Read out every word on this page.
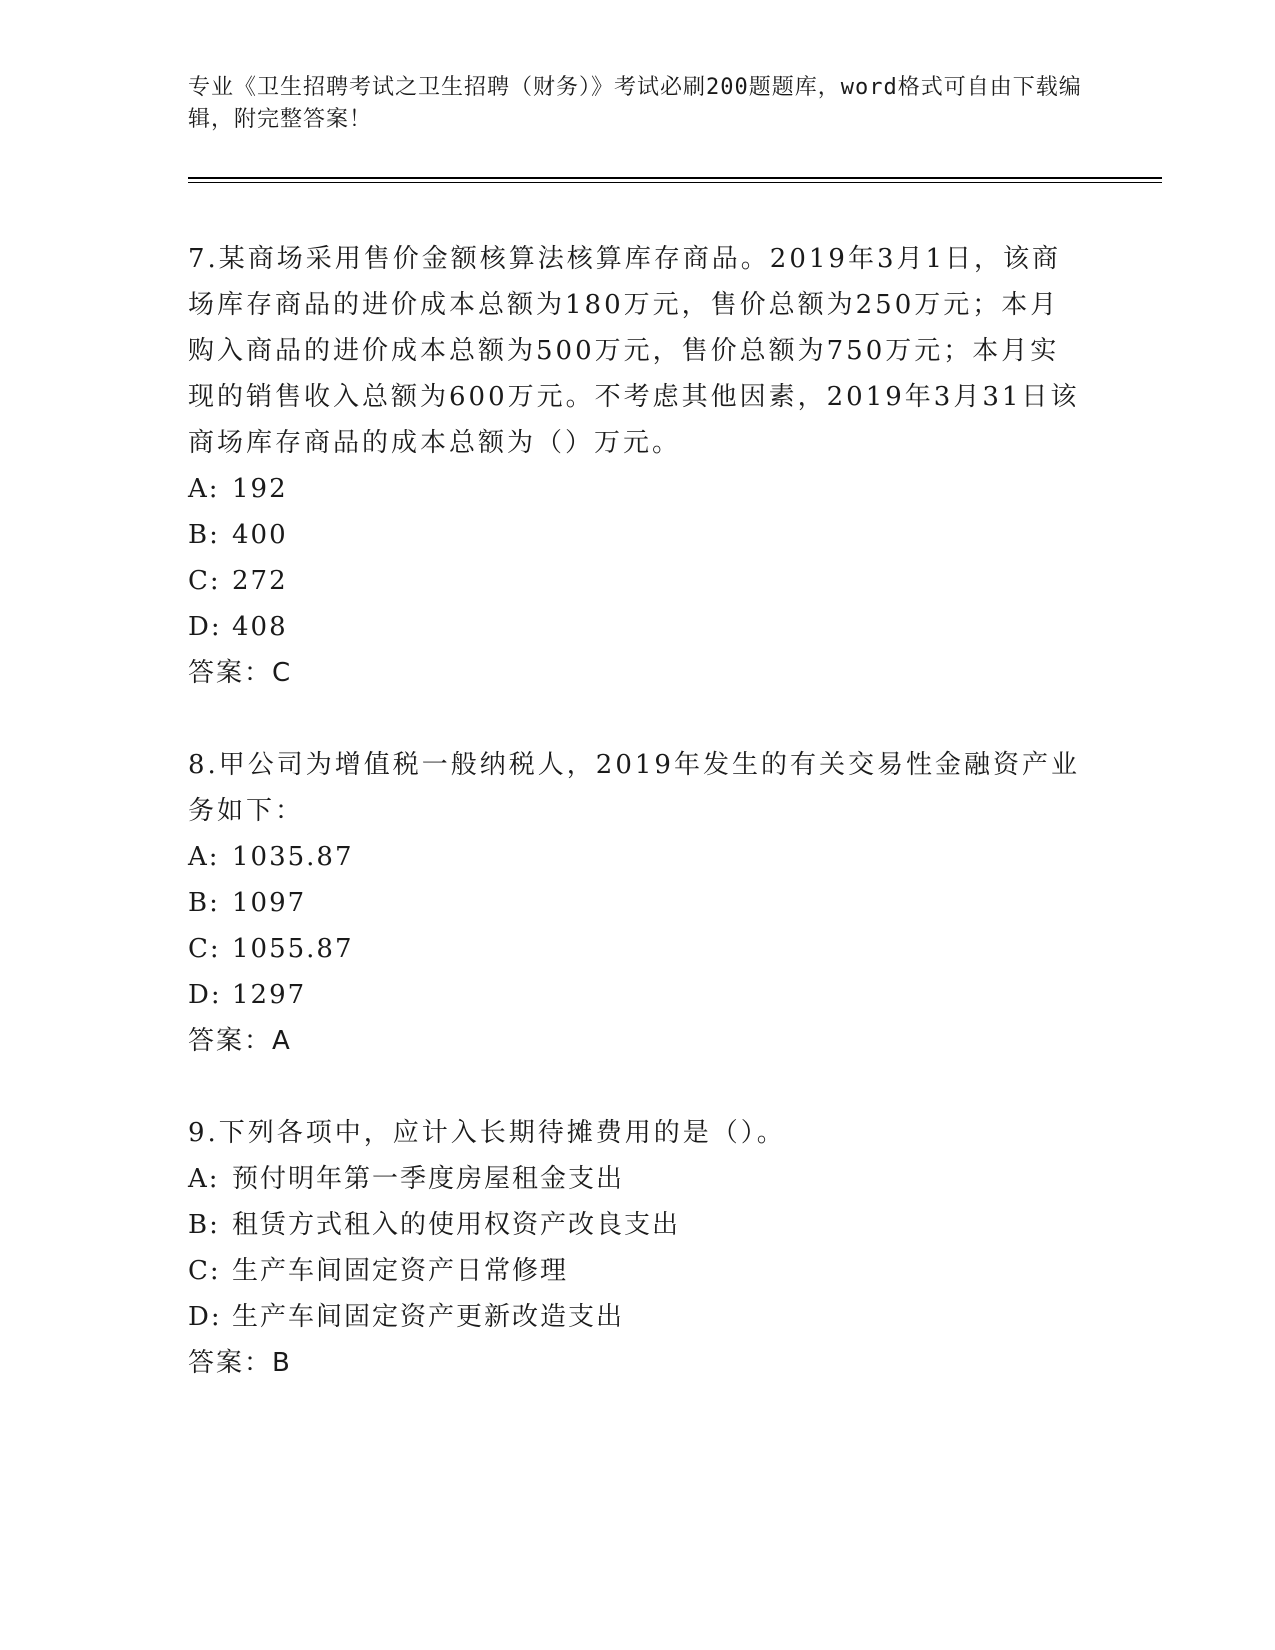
专业《卫生招聘考试之卫生招聘（财务）》考试必刷200题题库，word格式可自由下载编辑，附完整答案！

7.某商场采用售价金额核算法核算库存商品。2019年3月1日，该商场库存商品的进价成本总额为180万元，售价总额为250万元；本月购入商品的进价成本总额为500万元，售价总额为750万元；本月实现的销售收入总额为600万元。不考虑其他因素，2019年3月31日该商场库存商品的成本总额为（）万元。

A: 192

B: 400

C: 272

D: 408

答案：C

8.甲公司为增值税一般纳税人，2019年发生的有关交易性金融资产业务如下：

A: 1035.87

B: 1097

C: 1055.87

D: 1297

答案：A

9.下列各项中，应计入长期待摊费用的是（）。

A: 预付明年第一季度房屋租金支出

B: 租赁方式租入的使用权资产改良支出

C: 生产车间固定资产日常修理

D: 生产车间固定资产更新改造支出

答案：B
